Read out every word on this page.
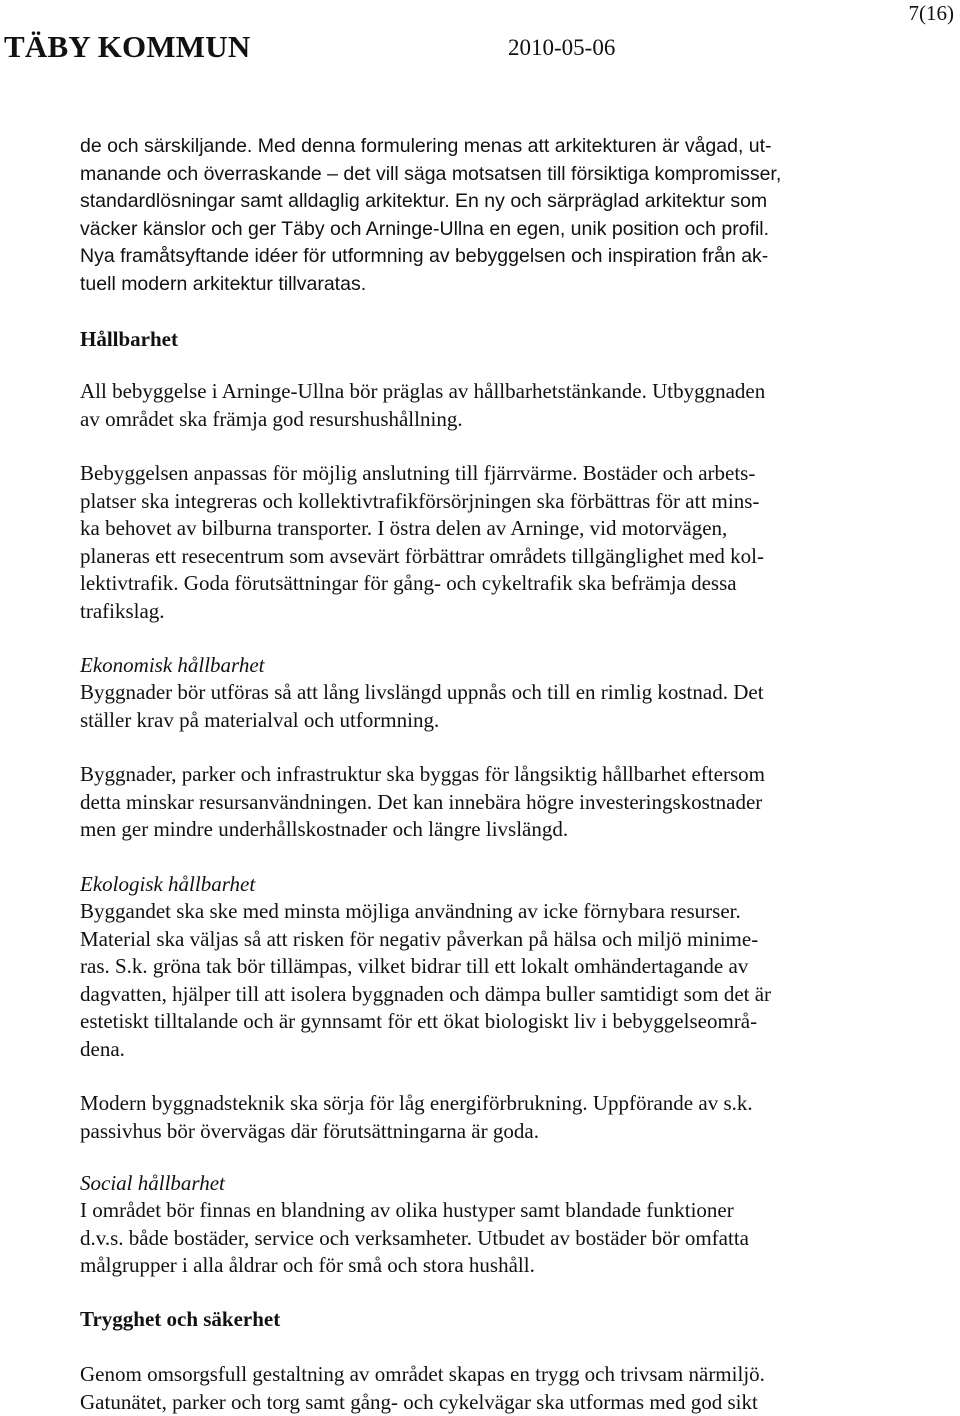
7(16)
TÄBY KOMMUN	2010-05-06
de och särskiljande. Med denna formulering menas att arkitekturen är vågad, ut-
manande och överraskande – det vill säga motsatsen till försiktiga kompromisser,
standardlösningar samt alldaglig arkitektur. En ny och särpräglad arkitektur som
väcker känslor och ger Täby och Arninge-Ullna en egen, unik position och profil.
Nya framåtsyftande idéer för utformning av bebyggelsen och inspiration från ak-
tuell modern arkitektur tillvaratas.
Hållbarhet
All bebyggelse i Arninge-Ullna bör präglas av hållbarhetstänkande. Utbyggnaden
av området ska främja god resurshushållning.
Bebyggelsen anpassas för möjlig anslutning till fjärrvärme. Bostäder och arbets-
platser ska integreras och kollektivtrafikförsörjningen ska förbättras för att mins-
ka behovet av bilburna transporter. I östra delen av Arninge, vid motorvägen,
planeras ett resecentrum som avsevärt förbättrar områdets tillgänglighet med kol-
lektivtrafik. Goda förutsättningar för gång- och cykeltrafik ska befrämja dessa
trafikslag.
Ekonomisk hållbarhet
Byggnader bör utföras så att lång livslängd uppnås och till en rimlig kostnad. Det
ställer krav på materialval och utformning.
Byggnader, parker och infrastruktur ska byggas för långsiktig hållbarhet eftersom
detta minskar resursanvändningen. Det kan innebära högre investeringskostnader
men ger mindre underhållskostnader och längre livslängd.
Ekologisk hållbarhet
Byggandet ska ske med minsta möjliga användning av icke förnybara resurser.
Material ska väljas så att risken för negativ påverkan på hälsa och miljö minime-
ras. S.k. gröna tak bör tillämpas, vilket bidrar till ett lokalt omhändertagande av
dagvatten, hjälper till att isolera byggnaden och dämpa buller samtidigt som det är
estetiskt tilltalande och är gynnsamt för ett ökat biologiskt liv i bebyggelseområ-
dena.
Modern byggnadsteknik ska sörja för låg energiförbrukning. Uppförande av s.k.
passivhus bör övervägas där förutsättningarna är goda.
Social hållbarhet
I området bör finnas en blandning av olika hustyper samt blandade funktioner
d.v.s. både bostäder, service och verksamheter. Utbudet av bostäder bör omfatta
målgrupper i alla åldrar och för små och stora hushåll.
Trygghet och säkerhet
Genom omsorgsfull gestaltning av området skapas en trygg och trivsam närmiljö.
Gatunätet, parker och torg samt gång- och cykelvägar ska utformas med god sikt
